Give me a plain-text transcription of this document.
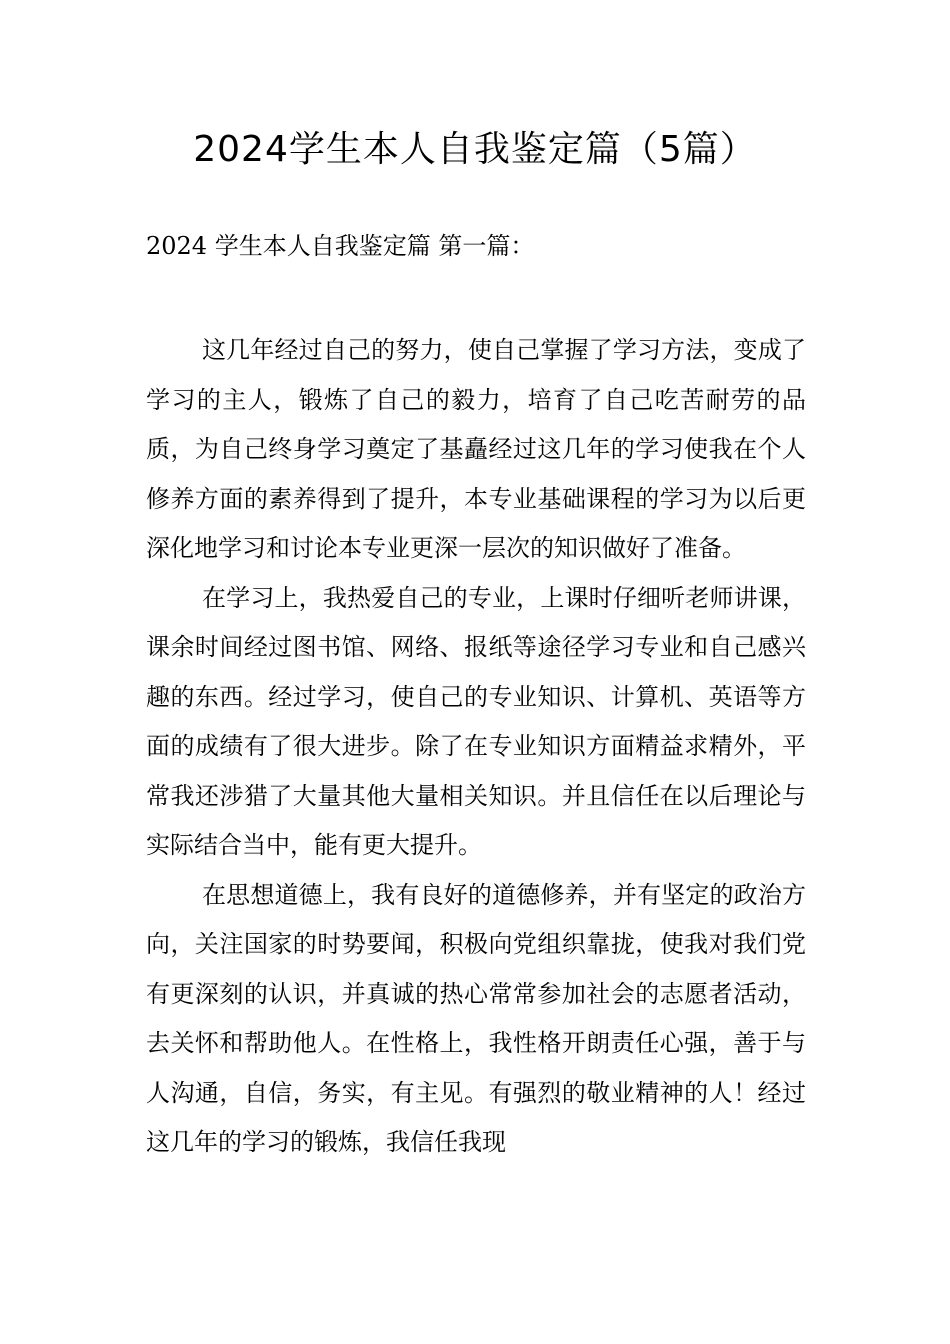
2024学生本人自我鉴定篇（5篇）
2024 学生本人自我鉴定篇 第一篇：

这几年经过自己的努力，使自己掌握了学习方法，变成了学习的主人，锻炼了自己的毅力，培育了自己吃苦耐劳的品质，为自己终身学习奠定了基矗经过这几年的学习使我在个人修养方面的素养得到了提升，本专业基础课程的学习为以后更深化地学习和讨论本专业更深一层次的知识做好了准备。

在学习上，我热爱自己的专业，上课时仔细听老师讲课，课余时间经过图书馆、网络、报纸等途径学习专业和自己感兴趣的东西。经过学习，使自己的专业知识、计算机、英语等方面的成绩有了很大进步。除了在专业知识方面精益求精外，平常我还涉猎了大量其他大量相关知识。并且信任在以后理论与实际结合当中，能有更大提升。

在思想道德上，我有良好的道德修养，并有坚定的政治方向，关注国家的时势要闻，积极向党组织靠拢，使我对我们党有更深刻的认识，并真诚的热心常常参加社会的志愿者活动，去关怀和帮助他人。在性格上，我性格开朗责任心强，善于与人沟通，自信，务实，有主见。有强烈的敬业精神的人！经过这几年的学习的锻炼，我信任我现
